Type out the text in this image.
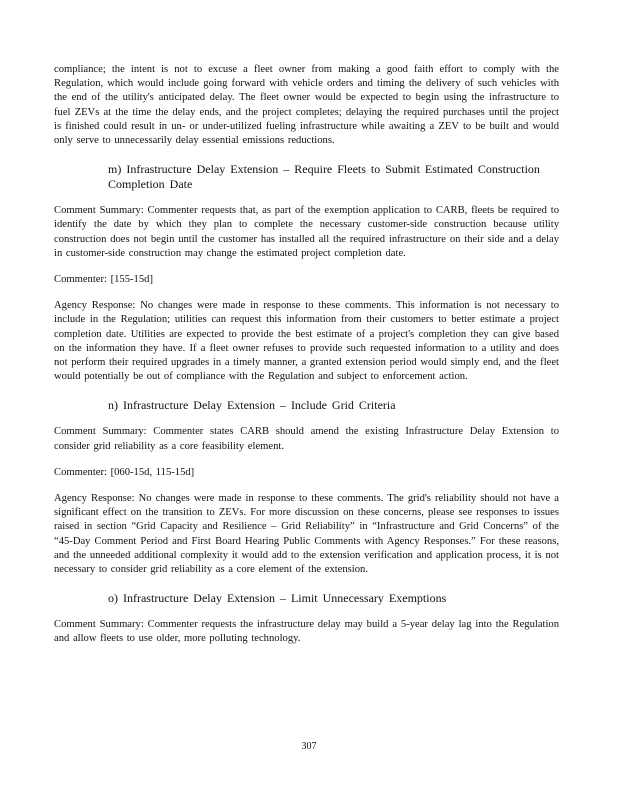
compliance; the intent is not to excuse a fleet owner from making a good faith effort to comply with the Regulation, which would include going forward with vehicle orders and timing the delivery of such vehicles with the end of the utility's anticipated delay. The fleet owner would be expected to begin using the infrastructure to fuel ZEVs at the time the delay ends, and the project completes; delaying the required purchases until the project is finished could result in un- or under-utilized fueling infrastructure while awaiting a ZEV to be built and would only serve to unnecessarily delay essential emissions reductions.

m) Infrastructure Delay Extension – Require Fleets to Submit Estimated Construction Completion Date

Comment Summary: Commenter requests that, as part of the exemption application to CARB, fleets be required to identify the date by which they plan to complete the necessary customer-side construction because utility construction does not begin until the customer has installed all the required infrastructure on their side and a delay in customer-side construction may change the estimated project completion date.

Commenter: [155-15d]

Agency Response: No changes were made in response to these comments. This information is not necessary to include in the Regulation; utilities can request this information from their customers to better estimate a project completion date. Utilities are expected to provide the best estimate of a project's completion they can give based on the information they have. If a fleet owner refuses to provide such requested information to a utility and does not perform their required upgrades in a timely manner, a granted extension period would simply end, and the fleet would potentially be out of compliance with the Regulation and subject to enforcement action.

n) Infrastructure Delay Extension – Include Grid Criteria

Comment Summary: Commenter states CARB should amend the existing Infrastructure Delay Extension to consider grid reliability as a core feasibility element.

Commenter: [060-15d, 115-15d]

Agency Response: No changes were made in response to these comments. The grid's reliability should not have a significant effect on the transition to ZEVs. For more discussion on these concerns, please see responses to issues raised in section “Grid Capacity and Resilience – Grid Reliability” in “Infrastructure and Grid Concerns” of the “45-Day Comment Period and First Board Hearing Public Comments with Agency Responses.” For these reasons, and the unneeded additional complexity it would add to the extension verification and application process, it is not necessary to consider grid reliability as a core element of the extension.

o) Infrastructure Delay Extension – Limit Unnecessary Exemptions

Comment Summary: Commenter requests the infrastructure delay may build a 5-year delay lag into the Regulation and allow fleets to use older, more polluting technology.

307
